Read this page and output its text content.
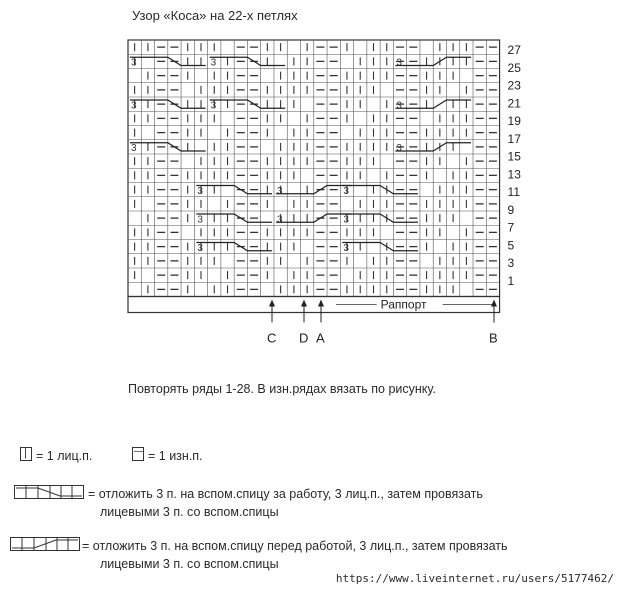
Узор «Коса» на 22-х петлях
3	3	3
3	3	3
3	3
3	3	3
3	3	3
3	3
27
25
23
21
19
17
15
13
11
9
7
5
3
1
Раппорт
C D A	B
Повторять ряды 1-28. В изн.рядах вязать по рисунку.
| = 1 лиц.п.	— = 1 изн.п.
= отложить 3 п. на вспом.спицу за работу, 3 лиц.п., затем провязать
лицевыми 3 п. со вспом.спицы
= отложить 3 п. на вспом.спицу перед работой, 3 лиц.п., затем провязать
лицевыми 3 п. со вспом.спицы
https://www.liveinternet.ru/users/5177462/
